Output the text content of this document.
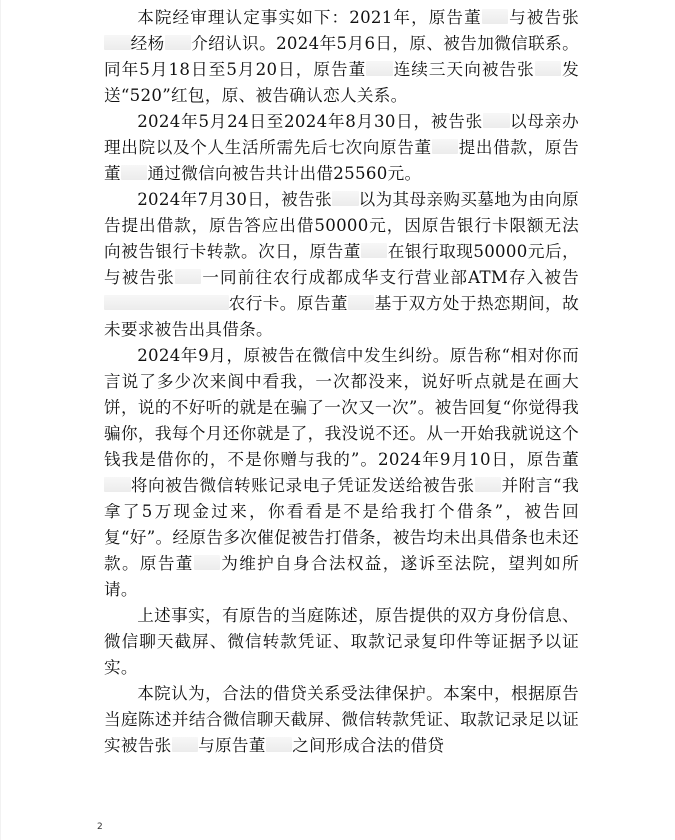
本院经审理认定事实如下：2021年，原告董 与被告张经杨 介绍认识。2024年5月6日，原、被告加微信联系。同年5月18日至5月20日，原告董 连续三天向被告张 发送“520”红包，原、被告确认恋人关系。

2024年5月24日至2024年8月30日，被告张 以母亲办理出院以及个人生活所需先后七次向原告董 提出借款，原告董 通过微信向被告共计出借25560元。

2024年7月30日，被告张 以为其母亲购买墓地为由向原告提出借款，原告答应出借50000元，因原告银行卡限额无法向被告银行卡转款。次日，原告董 在银行取现50000元后，与被告张 一同前往农行成都成华支行营业部ATM存入被告农行卡。原告董 基于双方处于热恋期间，故未要求被告出具借条。

2024年9月，原被告在微信中发生纠纷。原告称“相对你而言说了多少次来阆中看我，一次都没来，说好听点就是在画大饼，说的不好听的就是在骗了一次又一次”。被告回复“你觉得我骗你，我每个月还你就是了，我没说不还。从一开始我就说这个钱我是借你的，不是你赠与我的”。2024年9月10日，原告董将向被告微信转账记录电子凭证发送给被告张 并附言“我拿了5万现金过来，你看看是不是给我打个借条”，被告回复“好”。经原告多次催促被告打借条，被告均未出具借条也未还款。原告董 为维护自身合法权益，遂诉至法院，望判如所请。

上述事实，有原告的当庭陈述，原告提供的双方身份信息、微信聊天截屏、微信转款凭证、取款记录复印件等证据予以证实。

本院认为，合法的借贷关系受法律保护。本案中，根据原告当庭陈述并结合微信聊天截屏、微信转款凭证、取款记录足以证实被告张 与原告董 之间形成合法的借贷

2
